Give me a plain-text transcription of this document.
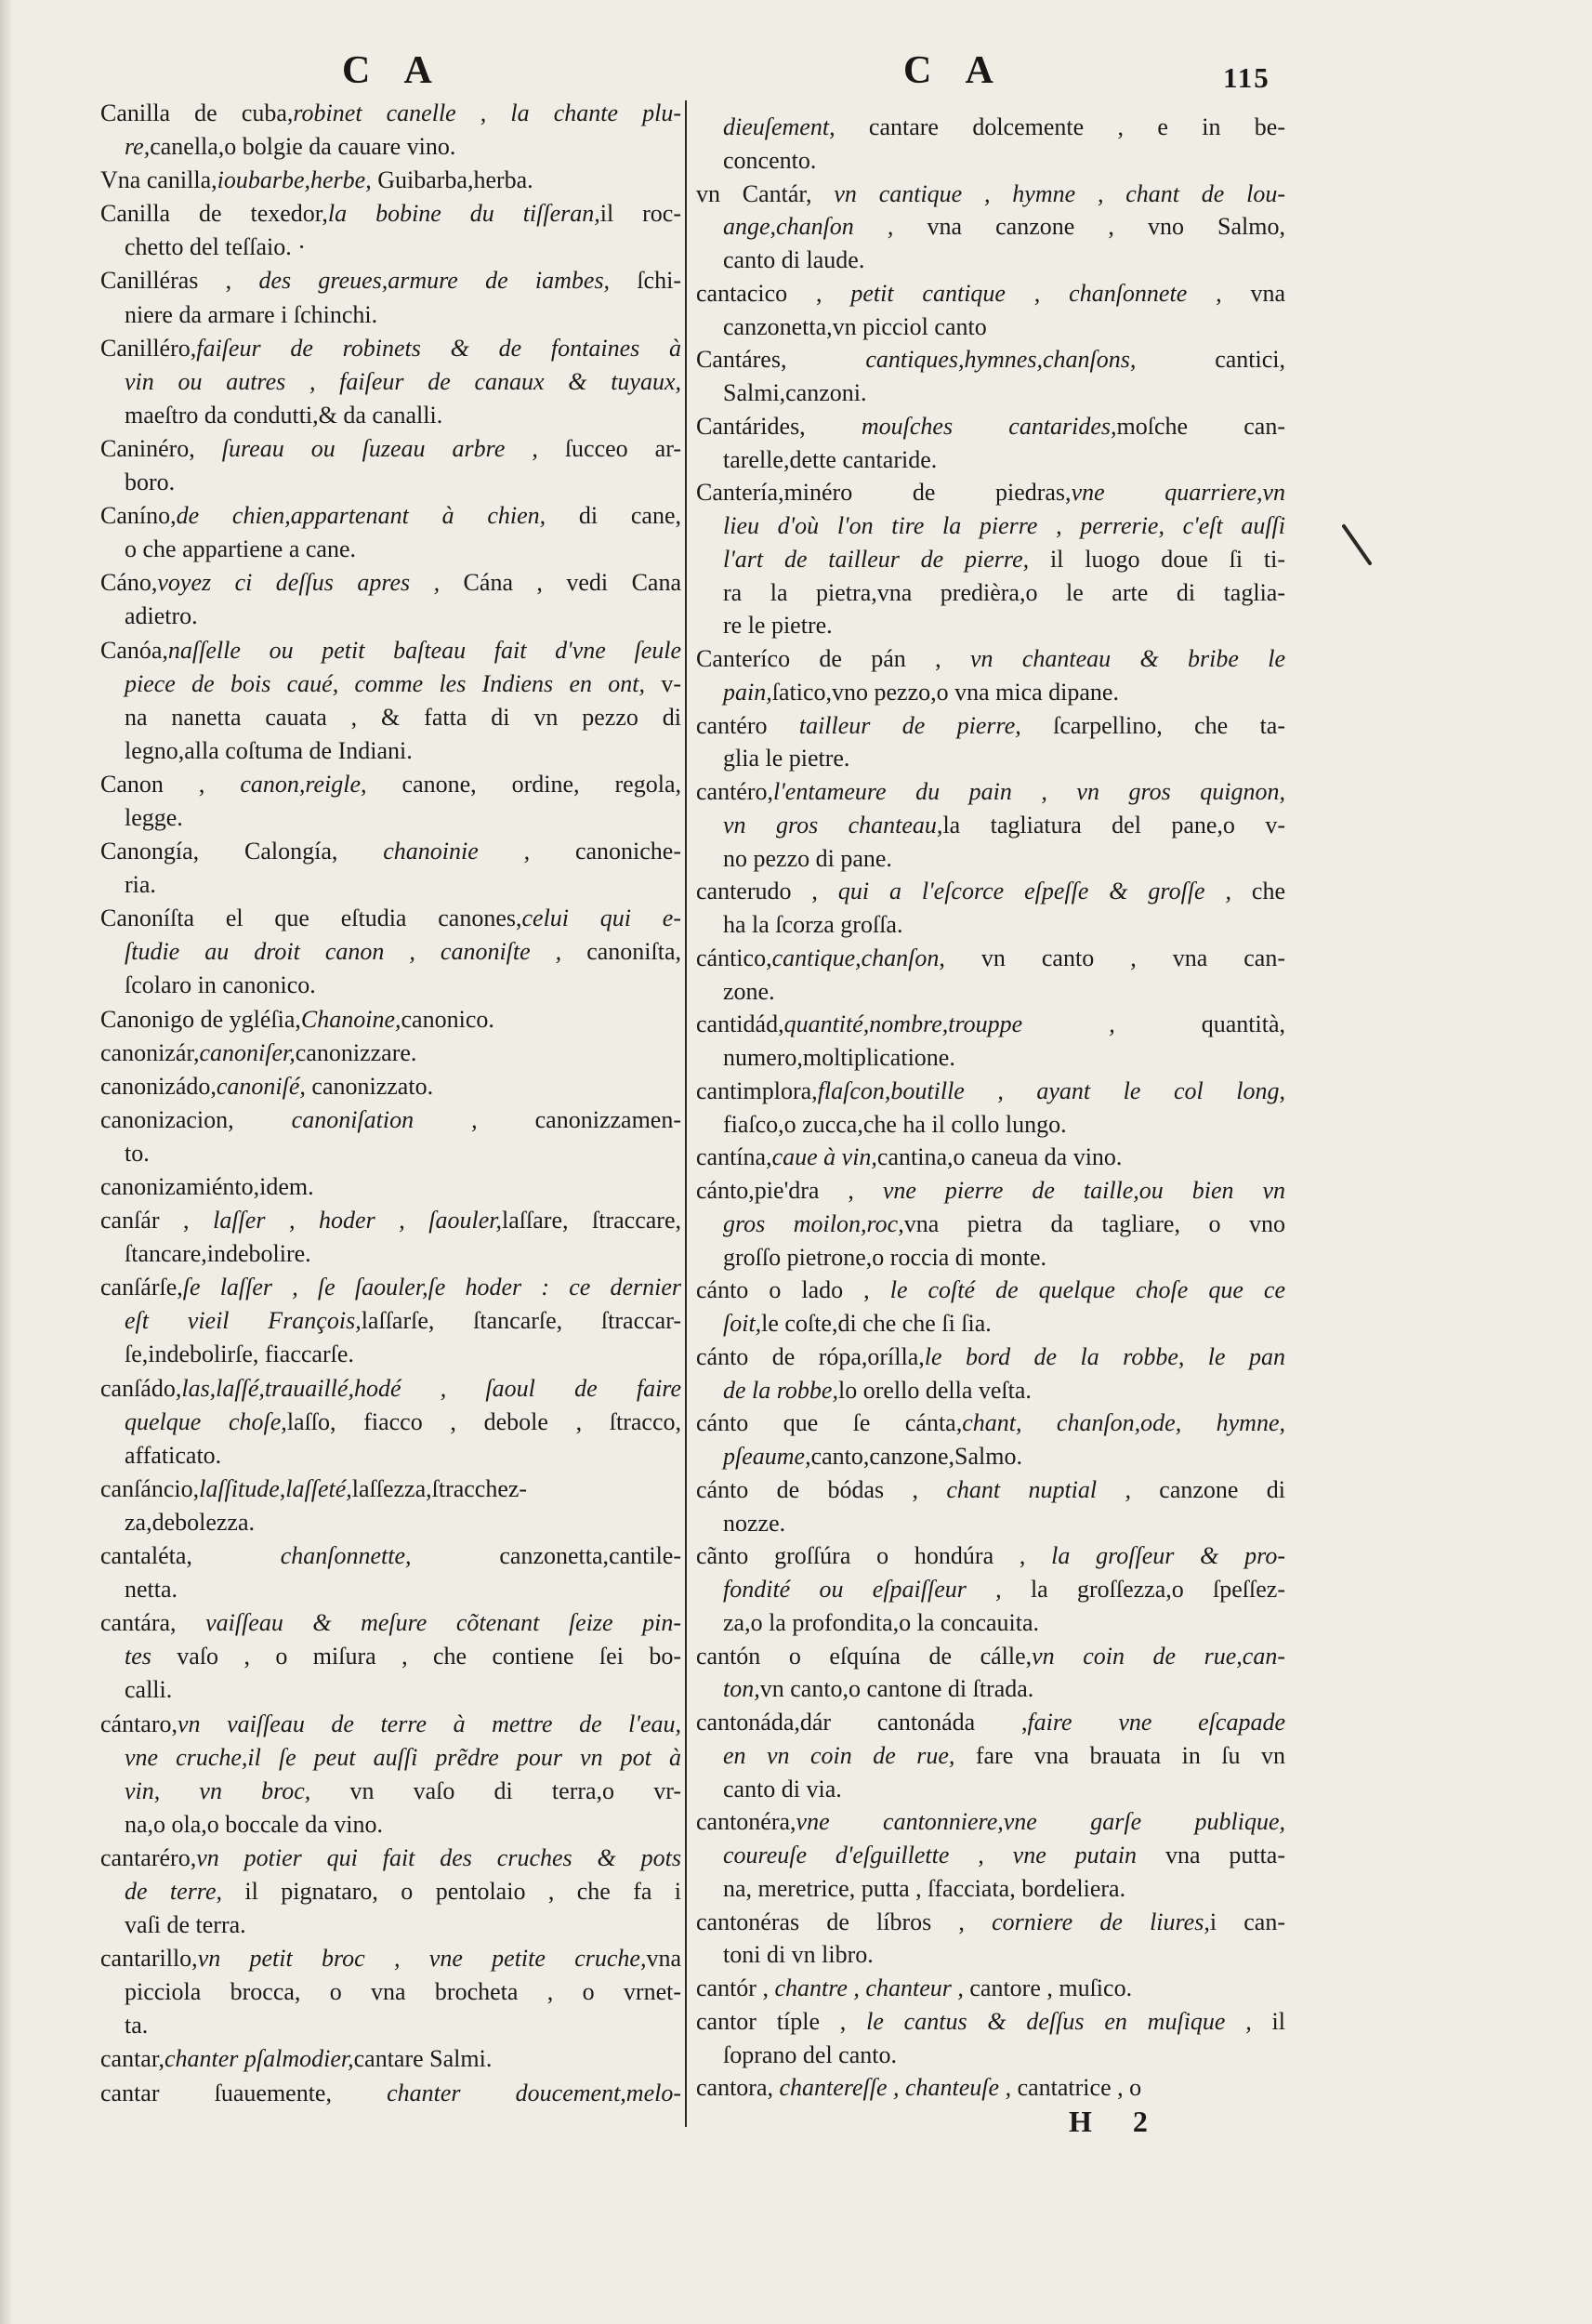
C A	C A	115
Canilla de cuba,robinet canelle , la chante plu-
re,canella,o bolgie da cauare vino.
Vna canilla,ioubarbe,herbe, Guibarba,herba.
Canilla de texedor,la bobine du tiſſeran,il roc-
chetto del teſſaio. ·
Canilléras , des greues,armure de iambes, ſchi-
niere da armare i ſchinchi.
Canilléro,faiſeur de robinets & de fontaines à
vin ou autres , faiſeur de canaux & tuyaux,
maeſtro da condutti,& da canalli.
Caninéro, ſureau ou ſuzeau arbre , ſucceo ar-
boro.
Caníno,de chien,appartenant à chien, di cane,
o che appartiene a cane.
Cáno,voyez ci deſſus apres , Cána , vedi Cana
adietro.
Canóa,naſſelle ou petit baſteau fait d'vne ſeule
piece de bois caué, comme les Indiens en ont, v-
na nanetta cauata , & fatta di vn pezzo di
legno,alla coſtuma de Indiani.
Canon , canon,reigle, canone, ordine, regola,
legge.
Canongía, Calongía, chanoinie , canoniche-
ria.
Canoníſta el que eſtudia canones,celui qui e-
ſtudie au droit canon , canoniſte , canoniſta,
ſcolaro in canonico.
Canonigo de ygléſia,Chanoine,canonico.
canonizár,canoniſer,canonizzare.
canonizádo,canoniſé, canonizzato.
canonizacion, canoniſation , canonizzamen-
to.
canonizamiénto,idem.
canſár , laſſer , hoder , ſaouler,laſſare, ſtraccare,
ſtancare,indebolire.
canſárſe,ſe laſſer , ſe ſaouler,ſe hoder : ce dernier
eſt vieil François,laſſarſe, ſtancarſe, ſtraccar-
ſe,indebolirſe, fiaccarſe.
canſádo,las,laſſé,trauaillé,hodé , ſaoul de faire
quelque choſe,laſſo, fiacco , debole , ſtracco,
affaticato.
canſáncio,laſſitude,laſſeté,laſſezza,ſtracchez-
za,debolezza.
cantaléta, chanſonnette, canzonetta,cantile-
netta.
cantára, vaiſſeau & meſure cõtenant ſeize pin-
tes vaſo , o miſura , che contiene ſei bo-
calli.
cántaro,vn vaiſſeau de terre à mettre de l'eau,
vne cruche,il ſe peut auſſi prẽdre pour vn pot à
vin, vn broc, vn vaſo di terra,o vr-
na,o ola,o boccale da vino.
cantaréro,vn potier qui fait des cruches & pots
de terre, il pignataro, o pentolaio , che fa i
vaſi de terra.
cantarillo,vn petit broc , vne petite cruche,vna
picciola brocca, o vna brocheta , o vrnet-
ta.
cantar,chanter pſalmodier,cantare Salmi.
cantar ſuauemente, chanter doucement,melo-
dieuſement, cantare dolcemente , e in be-
concento.
vn Cantár, vn cantique , hymne , chant de lou-
ange,chanſon , vna canzone , vno Salmo,
canto di laude.
cantacico , petit cantique , chanſonnete , vna
canzonetta,vn picciol canto
Cantáres, cantiques,hymnes,chanſons, cantici,
Salmi,canzoni.
Cantárides, mouſches cantarides,moſche can-
tarelle,dette cantaride.
Cantería,minéro de piedras,vne quarriere,vn
lieu d'où l'on tire la pierre , perrerie, c'eſt auſſi
l'art de tailleur de pierre, il luogo doue ſi ti-
ra la pietra,vna predièra,o le arte di taglia-
re le pietre.
Canteríco de pán , vn chanteau & bribe le
pain,ſatico,vno pezzo,o vna mica dipane.
cantéro tailleur de pierre, ſcarpellino, che ta-
glia le pietre.
cantéro,l'entameure du pain , vn gros quignon,
vn gros chanteau,la tagliatura del pane,o v-
no pezzo di pane.
canterudo , qui a l'eſcorce eſpeſſe & groſſe , che
ha la ſcorza groſſa.
cántico,cantique,chanſon, vn canto , vna can-
zone.
cantidád,quantité,nombre,trouppe , quantità,
numero,moltiplicatione.
cantimplora,flaſcon,boutille , ayant le col long,
fiaſco,o zucca,che ha il collo lungo.
cantína,caue à vin,cantina,o caneua da vino.
cánto,pie'dra , vne pierre de taille,ou bien vn
gros moilon,roc,vna pietra da tagliare, o vno
groſſo pietrone,o roccia di monte.
cánto o lado , le coſté de quelque choſe que ce
ſoit,le coſte,di che che ſi ſia.
cánto de rópa,orílla,le bord de la robbe, le pan
de la robbe,lo orello della veſta.
cánto que ſe cánta,chant, chanſon,ode, hymne,
pſeaume,canto,canzone,Salmo.
cánto de bódas , chant nuptial , canzone di
nozze.
cãnto groſſúra o hondúra , la groſſeur & pro-
fondité ou eſpaiſſeur , la groſſezza,o ſpeſſez-
za,o la profondita,o la concauita.
cantón o eſquína de cálle,vn coin de rue,can-
ton,vn canto,o cantone di ſtrada.
cantonáda,dár cantonáda ,faire vne eſcapade
en vn coin de rue, fare vna brauata in ſu vn
canto di via.
cantonéra,vne cantonniere,vne garſe publique,
coureuſe d'eſguillette , vne putain vna putta-
na, meretrice, putta , ſfacciata, bordeliera.
cantonéras de líbros , corniere de liures,i can-
toni di vn libro.
cantór , chantre , chanteur , cantore , muſico.
cantor típle , le cantus & deſſus en muſique , il
ſoprano del canto.
cantora, chantereſſe , chanteuſe , cantatrice , o
H 2
